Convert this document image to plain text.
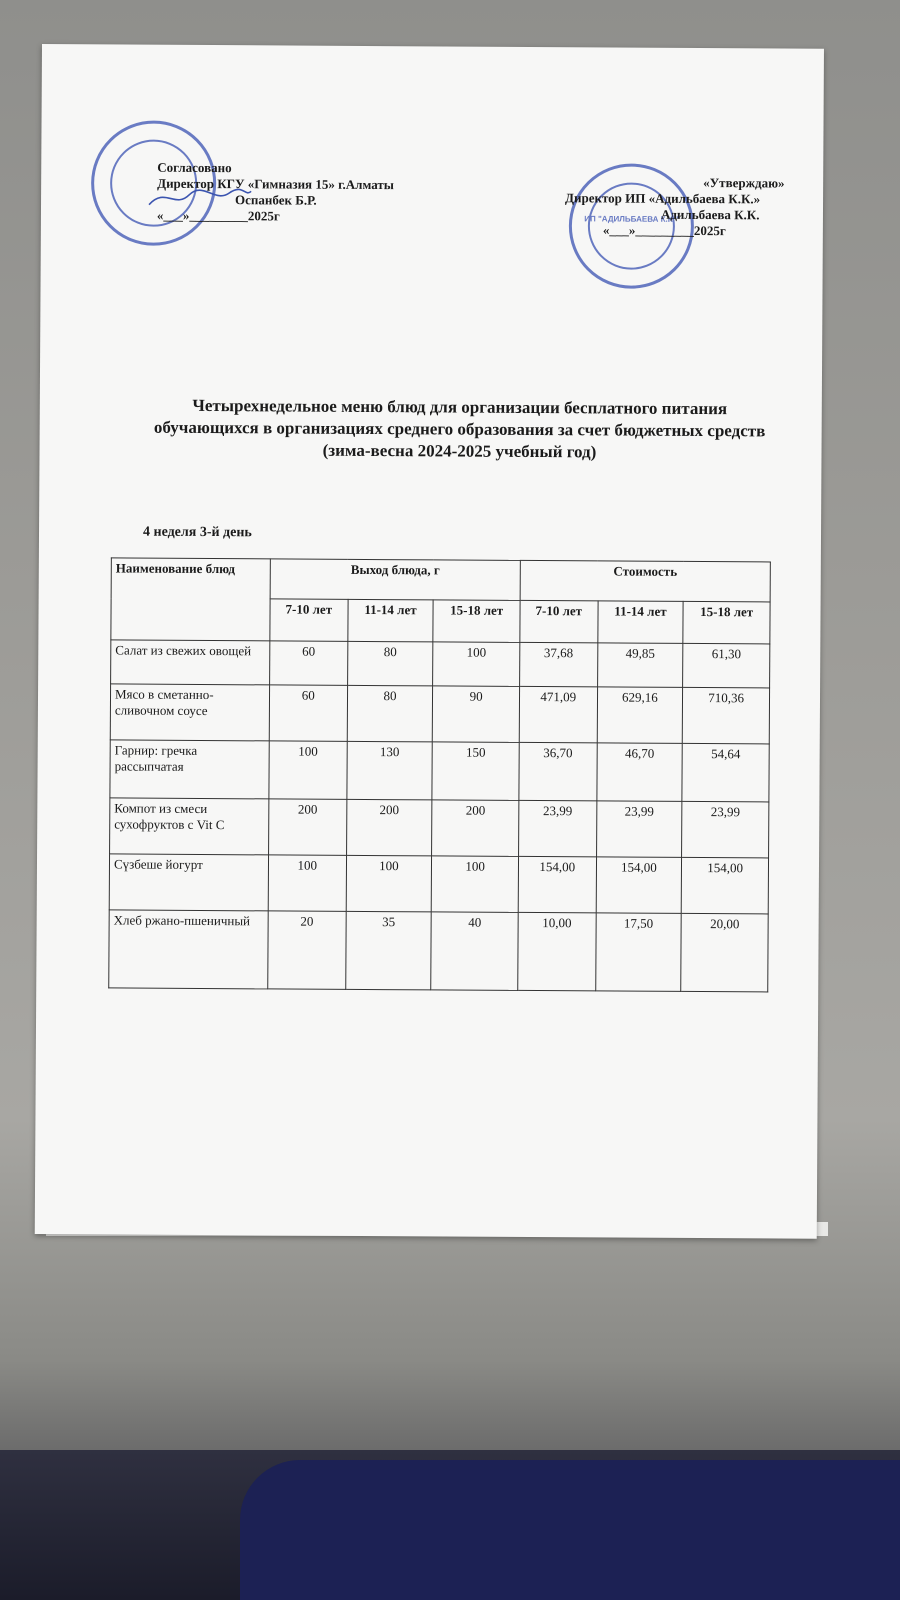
ИП "АДИЛЬБАЕВА К.К."
Согласовано
Директор КГУ «Гимназия 15» г.Алматы
Оспанбек Б.Р.
«___»_________2025г
«Утверждаю»
Директор ИП «Адильбаева К.К.»
Адильбаева К.К.
«___»_________2025г
Четырехнедельное меню блюд для организации бесплатного питания обучающихся в организациях среднего образования за счет бюджетных средств (зима-весна 2024-2025 учебный год)
4 неделя 3-й день
Наименование блюд	Выход блюда, г			Стоимость		
	7-10 лет	11-14 лет	15-18 лет	7-10 лет	11-14 лет	15-18 лет
Салат из свежих овощей	60	80	100	37,68	49,85	61,30
Мясо в сметанно-сливочном соусе	60	80	90	471,09	629,16	710,36
Гарнир: гречка рассыпчатая	100	130	150	36,70	46,70	54,64
Компот из смеси сухофруктов с Vit C	200	200	200	23,99	23,99	23,99
Сүзбеше йогурт	100	100	100	154,00	154,00	154,00
Хлеб ржано-пшеничный	20	35	40	10,00	17,50	20,00
